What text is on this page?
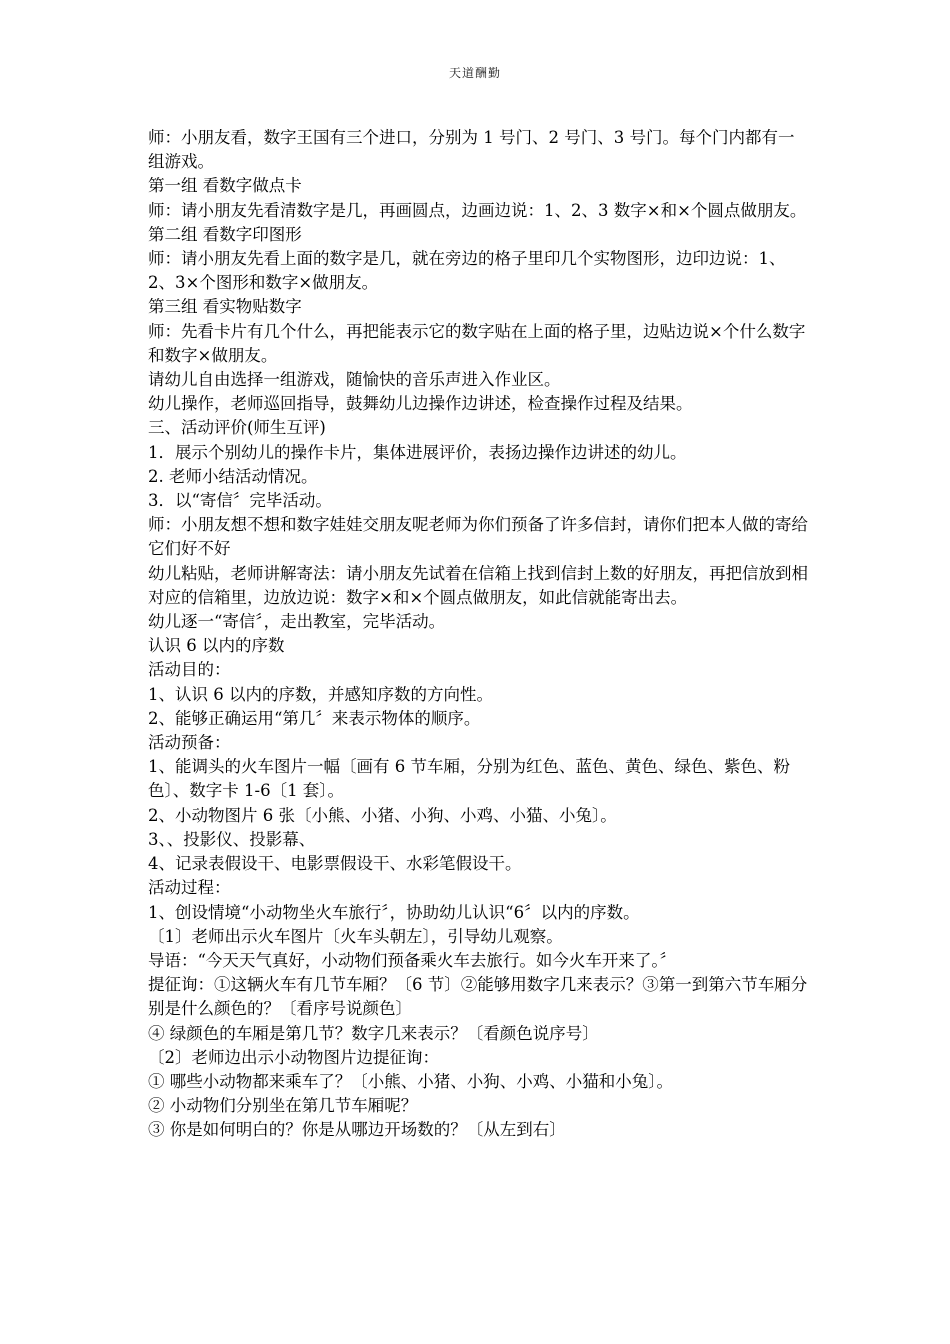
天道酬勤

师：小朋友看，数字王国有三个进口，分别为 1 号门、2 号门、3 号门。每个门内都有一组游戏。

第一组 看数字做点卡

师：请小朋友先看清数字是几，再画圆点，边画边说：1、2、3 数字×和×个圆点做朋友。

第二组 看数字印图形

师：请小朋友先看上面的数字是几，就在旁边的格子里印几个实物图形，边印边说：1、2、3×个图形和数字×做朋友。

第三组 看实物贴数字

师：先看卡片有几个什么，再把能表示它的数字贴在上面的格子里，边贴边说×个什么数字和数字×做朋友。

请幼儿自由选择一组游戏，随愉快的音乐声进入作业区。

幼儿操作，老师巡回指导，鼓舞幼儿边操作边讲述，检查操作过程及结果。

三、活动评价(师生互评)

1．展示个别幼儿的操作卡片，集体进展评价，表扬边操作边讲述的幼儿。

2. 老师小结活动情况。

3．以“寄信〞完毕活动。

师：小朋友想不想和数字娃娃交朋友呢老师为你们预备了许多信封，请你们把本人做的寄给它们好不好

幼儿粘贴，老师讲解寄法：请小朋友先试着在信箱上找到信封上数的好朋友，再把信放到相对应的信箱里，边放边说：数字×和×个圆点做朋友，如此信就能寄出去。

幼儿逐一“寄信〞，走出教室，完毕活动。

认识 6 以内的序数

活动目的：

1、认识 6 以内的序数，并感知序数的方向性。

2、能够正确运用“第几〞来表示物体的顺序。

活动预备：

1、能调头的火车图片一幅〔画有 6 节车厢，分别为红色、蓝色、黄色、绿色、紫色、粉色〕、数字卡 1-6〔1 套〕。

2、小动物图片 6 张〔小熊、小猪、小狗、小鸡、小猫、小兔〕。

3、、投影仪、投影幕、

4、记录表假设干、电影票假设干、水彩笔假设干。

活动过程：

1、创设情境“小动物坐火车旅行〞，协助幼儿认识“6〞以内的序数。

〔1〕老师出示火车图片〔火车头朝左〕，引导幼儿观察。

导语：“今天天气真好，小动物们预备乘火车去旅行。如今火车开来了。〞

提征询：①这辆火车有几节车厢？〔6 节〕②能够用数字几来表示？③第一到第六节车厢分别是什么颜色的？〔看序号说颜色〕

④ 绿颜色的车厢是第几节？数字几来表示？〔看颜色说序号〕

〔2〕老师边出示小动物图片边提征询：

① 哪些小动物都来乘车了？〔小熊、小猪、小狗、小鸡、小猫和小兔〕。

② 小动物们分别坐在第几节车厢呢？

③ 你是如何明白的？你是从哪边开场数的？〔从左到右〕
